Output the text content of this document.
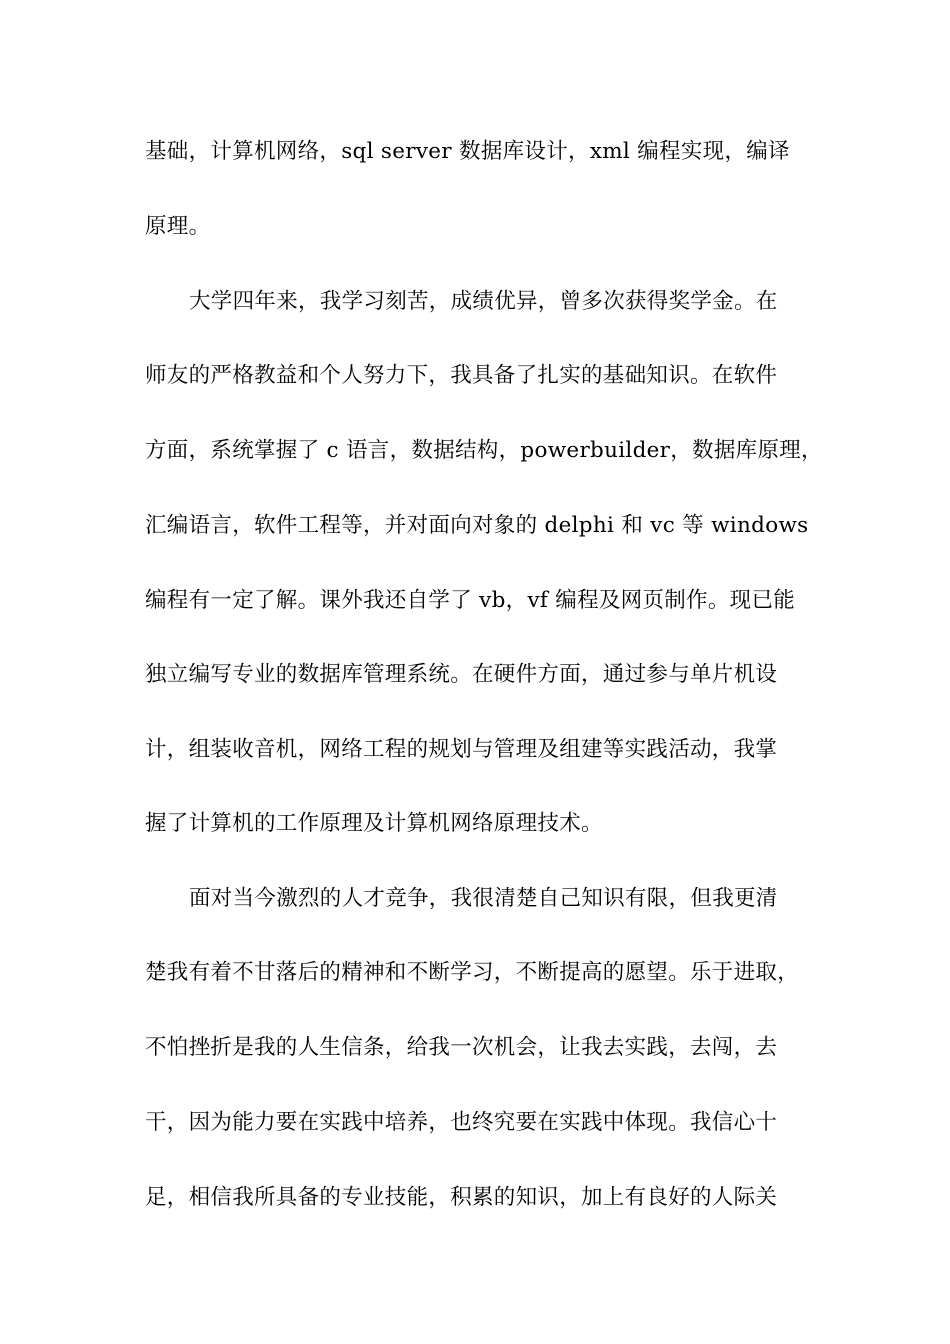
基础，计算机网络，sql server 数据库设计，xml 编程实现，编译
原理。
大学四年来，我学习刻苦，成绩优异，曾多次获得奖学金。在
师友的严格教益和个人努力下，我具备了扎实的基础知识。在软件
方面，系统掌握了 c 语言，数据结构，powerbuilder，数据库原理，
汇编语言，软件工程等，并对面向对象的 delphi 和 vc 等 windows
编程有一定了解。课外我还自学了 vb，vf 编程及网页制作。现已能
独立编写专业的数据库管理系统。在硬件方面，通过参与单片机设
计，组装收音机，网络工程的规划与管理及组建等实践活动，我掌
握了计算机的工作原理及计算机网络原理技术。
面对当今激烈的人才竞争，我很清楚自己知识有限，但我更清
楚我有着不甘落后的精神和不断学习，不断提高的愿望。乐于进取，
不怕挫折是我的人生信条，给我一次机会，让我去实践，去闯，去
干，因为能力要在实践中培养，也终究要在实践中体现。我信心十
足，相信我所具备的专业技能，积累的知识，加上有良好的人际关
